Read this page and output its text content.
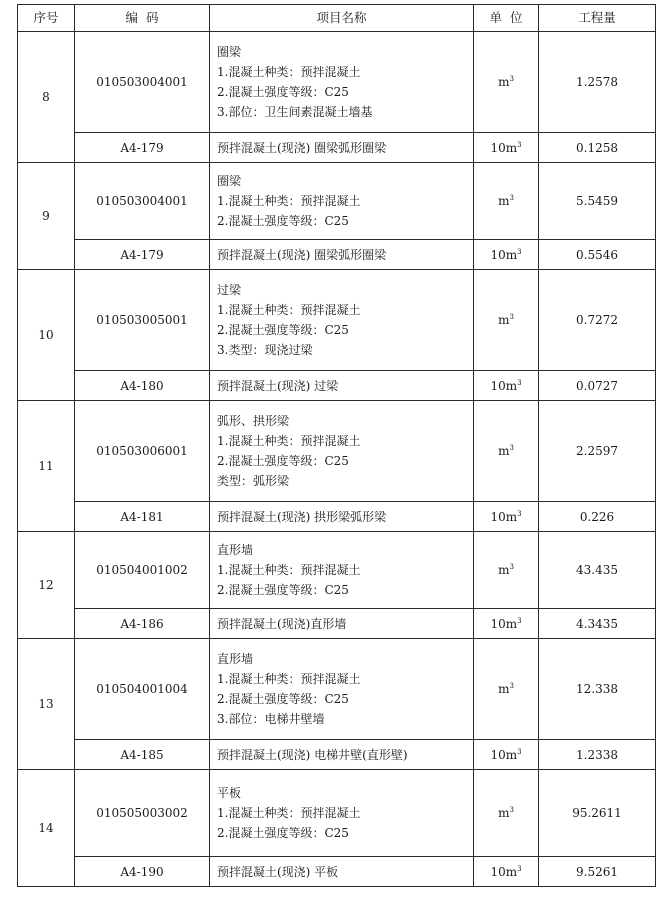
序号	编  码	项目名称	单  位	工程量
8	010503004001	圈梁
1.混凝土种类：预拌混凝土
2.混凝土强度等级：C25
3.部位：卫生间素混凝土墙基	$m^3$	1.2578
	A4-179	预拌混凝土(现浇) 圈梁弧形圈梁	$10m^3$	0.1258
9	010503004001	圈梁
1.混凝土种类：预拌混凝土
2.混凝土强度等级：C25	$m^3$	5.5459
	A4-179	预拌混凝土(现浇) 圈梁弧形圈梁	$10m^3$	0.5546
10	010503005001	过梁
1.混凝土种类：预拌混凝土
2.混凝土强度等级：C25
3.类型：现浇过梁	$m^3$	0.7272
	A4-180	预拌混凝土(现浇) 过梁	$10m^3$	0.0727
11	010503006001	弧形、拱形梁
1.混凝土种类：预拌混凝土
2.混凝土强度等级：C25
类型：弧形梁	$m^3$	2.2597
	A4-181	预拌混凝土(现浇) 拱形梁弧形梁	$10m^3$	0.226
12	010504001002	直形墙
1.混凝土种类：预拌混凝土
2.混凝土强度等级：C25	$m^3$	43.435
	A4-186	预拌混凝土(现浇)直形墙	$10m^3$	4.3435
13	010504001004	直形墙
1.混凝土种类：预拌混凝土
2.混凝土强度等级：C25
3.部位：电梯井壁墙	$m^3$	12.338
	A4-185	预拌混凝土(现浇) 电梯井壁(直形壁)	$10m^3$	1.2338
14	010505003002	平板
1.混凝土种类：预拌混凝土
2.混凝土强度等级：C25	$m^3$	95.2611
	A4-190	预拌混凝土(现浇) 平板	$10m^3$	9.5261
